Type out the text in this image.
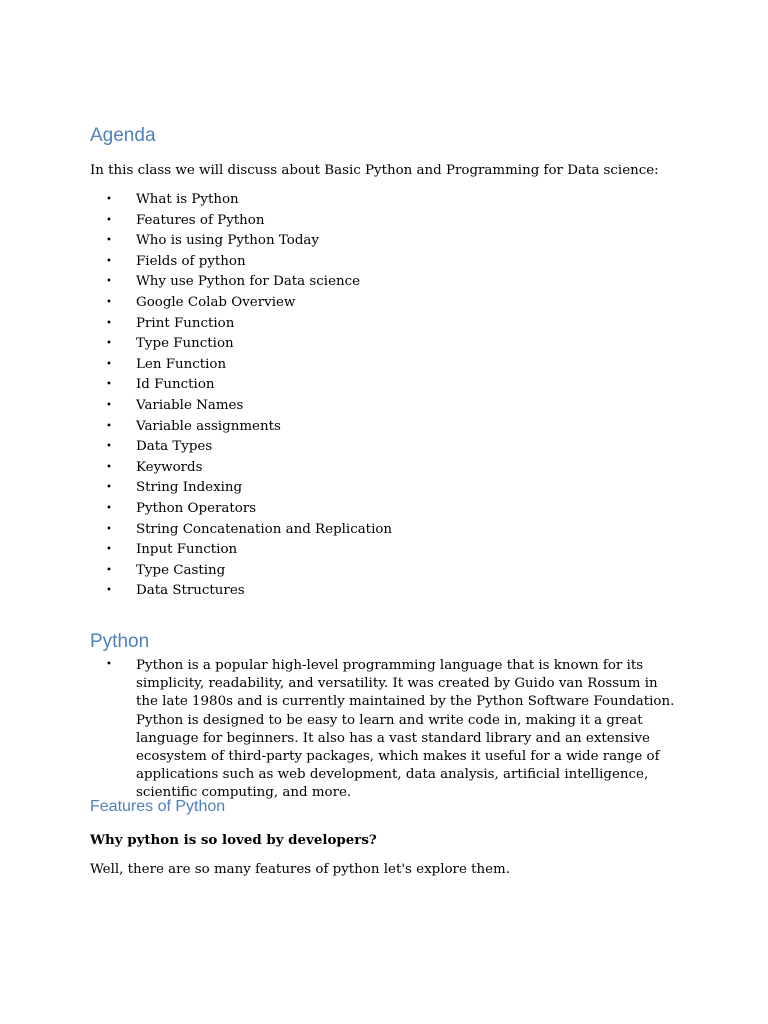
Agenda

In this class we will discuss about Basic Python and Programming for Data science:

• What is Python
• Features of Python
• Who is using Python Today
• Fields of python
• Why use Python for Data science
• Google Colab Overview
• Print Function
• Type Function
• Len Function
• Id Function
• Variable Names
• Variable assignments
• Data Types
• Keywords
• String Indexing
• Python Operators
• String Concatenation and Replication
• Input Function
• Type Casting
• Data Structures
Python
• Python is a popular high-level programming language that is known for its simplicity, readability, and versatility. It was created by Guido van Rossum in the late 1980s and is currently maintained by the Python Software Foundation. Python is designed to be easy to learn and write code in, making it a great language for beginners. It also has a vast standard library and an extensive ecosystem of third-party packages, which makes it useful for a wide range of applications such as web development, data analysis, artificial intelligence, scientific computing, and more.

Features of Python

Why python is so loved by developers?

Well, there are so many features of python let's explore them.
